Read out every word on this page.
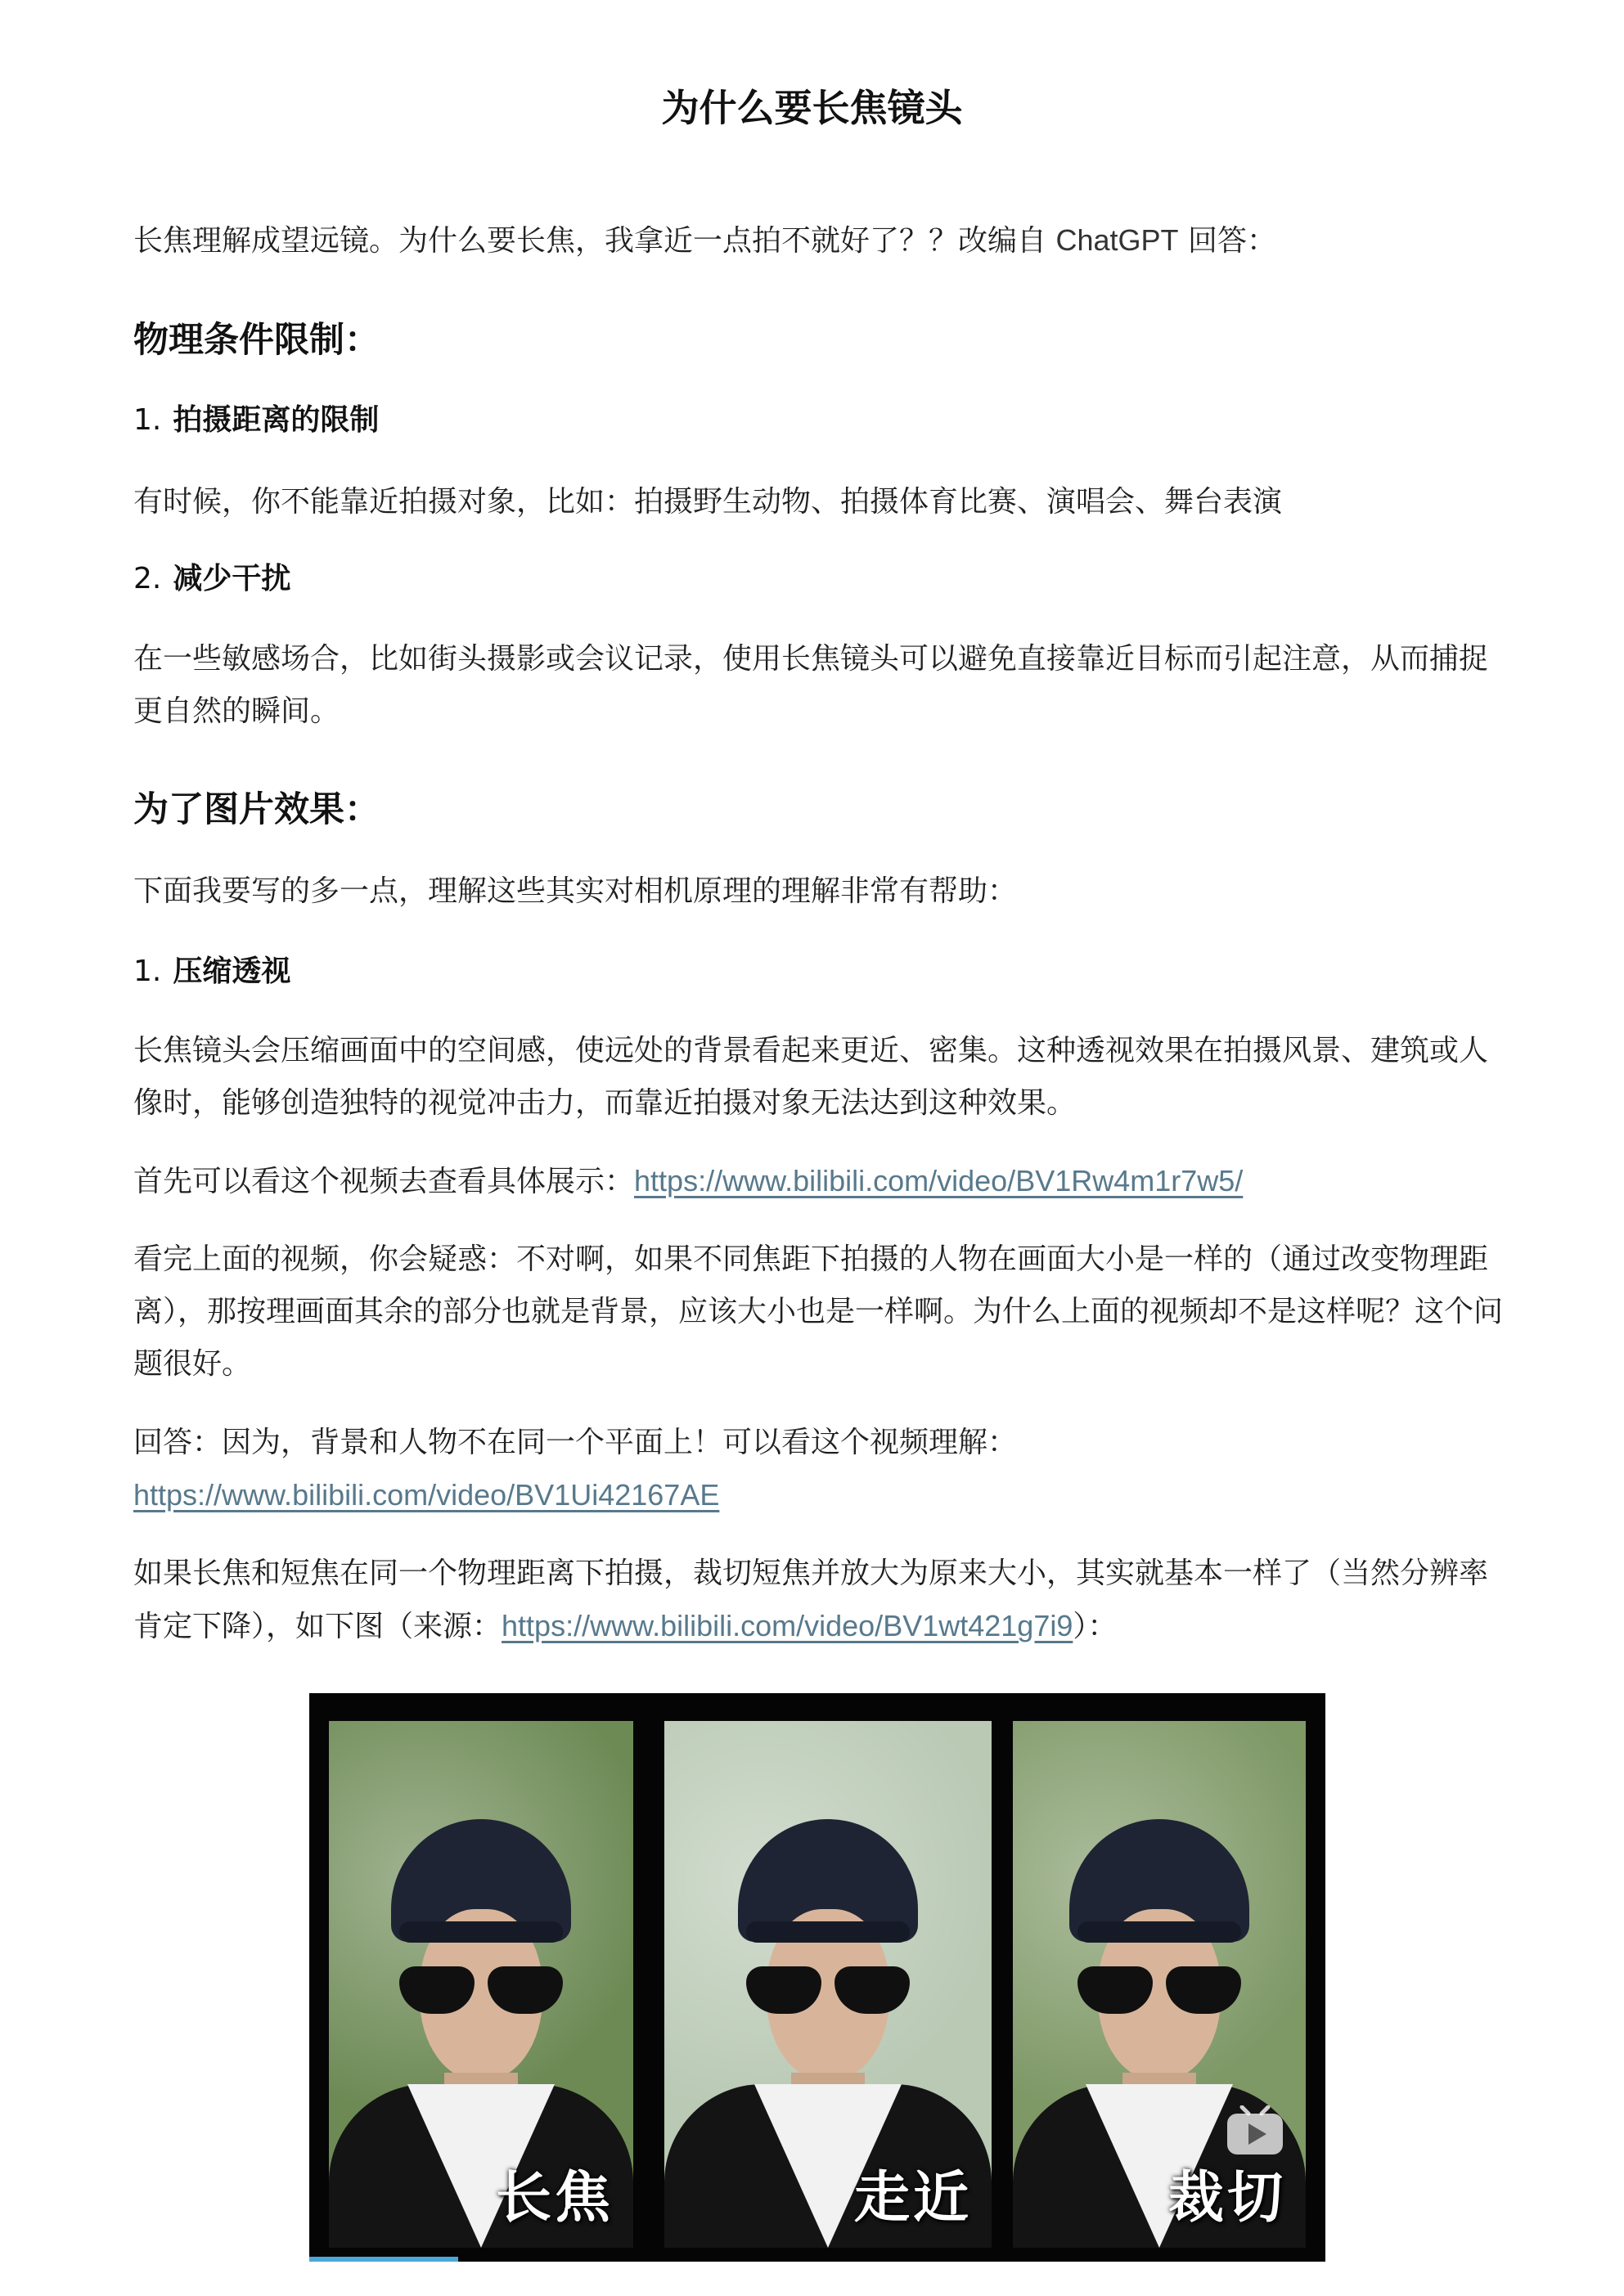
为什么要长焦镜头

长焦理解成望远镜。为什么要长焦，我拿近一点拍不就好了？？改编自 ChatGPT 回答：

物理条件限制：
1. 拍摄距离的限制

有时候，你不能靠近拍摄对象，比如：拍摄野生动物、拍摄体育比赛、演唱会、舞台表演

2. 减少干扰

在一些敏感场合，比如街头摄影或会议记录，使用长焦镜头可以避免直接靠近目标而引起注意，从而捕捉更自然的瞬间。

为了图片效果：

下面我要写的多一点，理解这些其实对相机原理的理解非常有帮助：

1. 压缩透视

长焦镜头会压缩画面中的空间感，使远处的背景看起来更近、密集。这种透视效果在拍摄风景、建筑或人像时，能够创造独特的视觉冲击力，而靠近拍摄对象无法达到这种效果。

首先可以看这个视频去查看具体展示：https://www.bilibili.com/video/BV1Rw4m1r7w5/

看完上面的视频，你会疑惑：不对啊，如果不同焦距下拍摄的人物在画面大小是一样的（通过改变物理距离），那按理画面其余的部分也就是背景，应该大小也是一样啊。为什么上面的视频却不是这样呢？这个问题很好。

回答：因为，背景和人物不在同一个平面上！可以看这个视频理解：https://www.bilibili.com/video/BV1Ui42167AE

如果长焦和短焦在同一个物理距离下拍摄，裁切短焦并放大为原来大小，其实就基本一样了（当然分辨率肯定下降），如下图（来源：https://www.bilibili.com/video/BV1wt421g7i9）：

长焦	走近	裁切
